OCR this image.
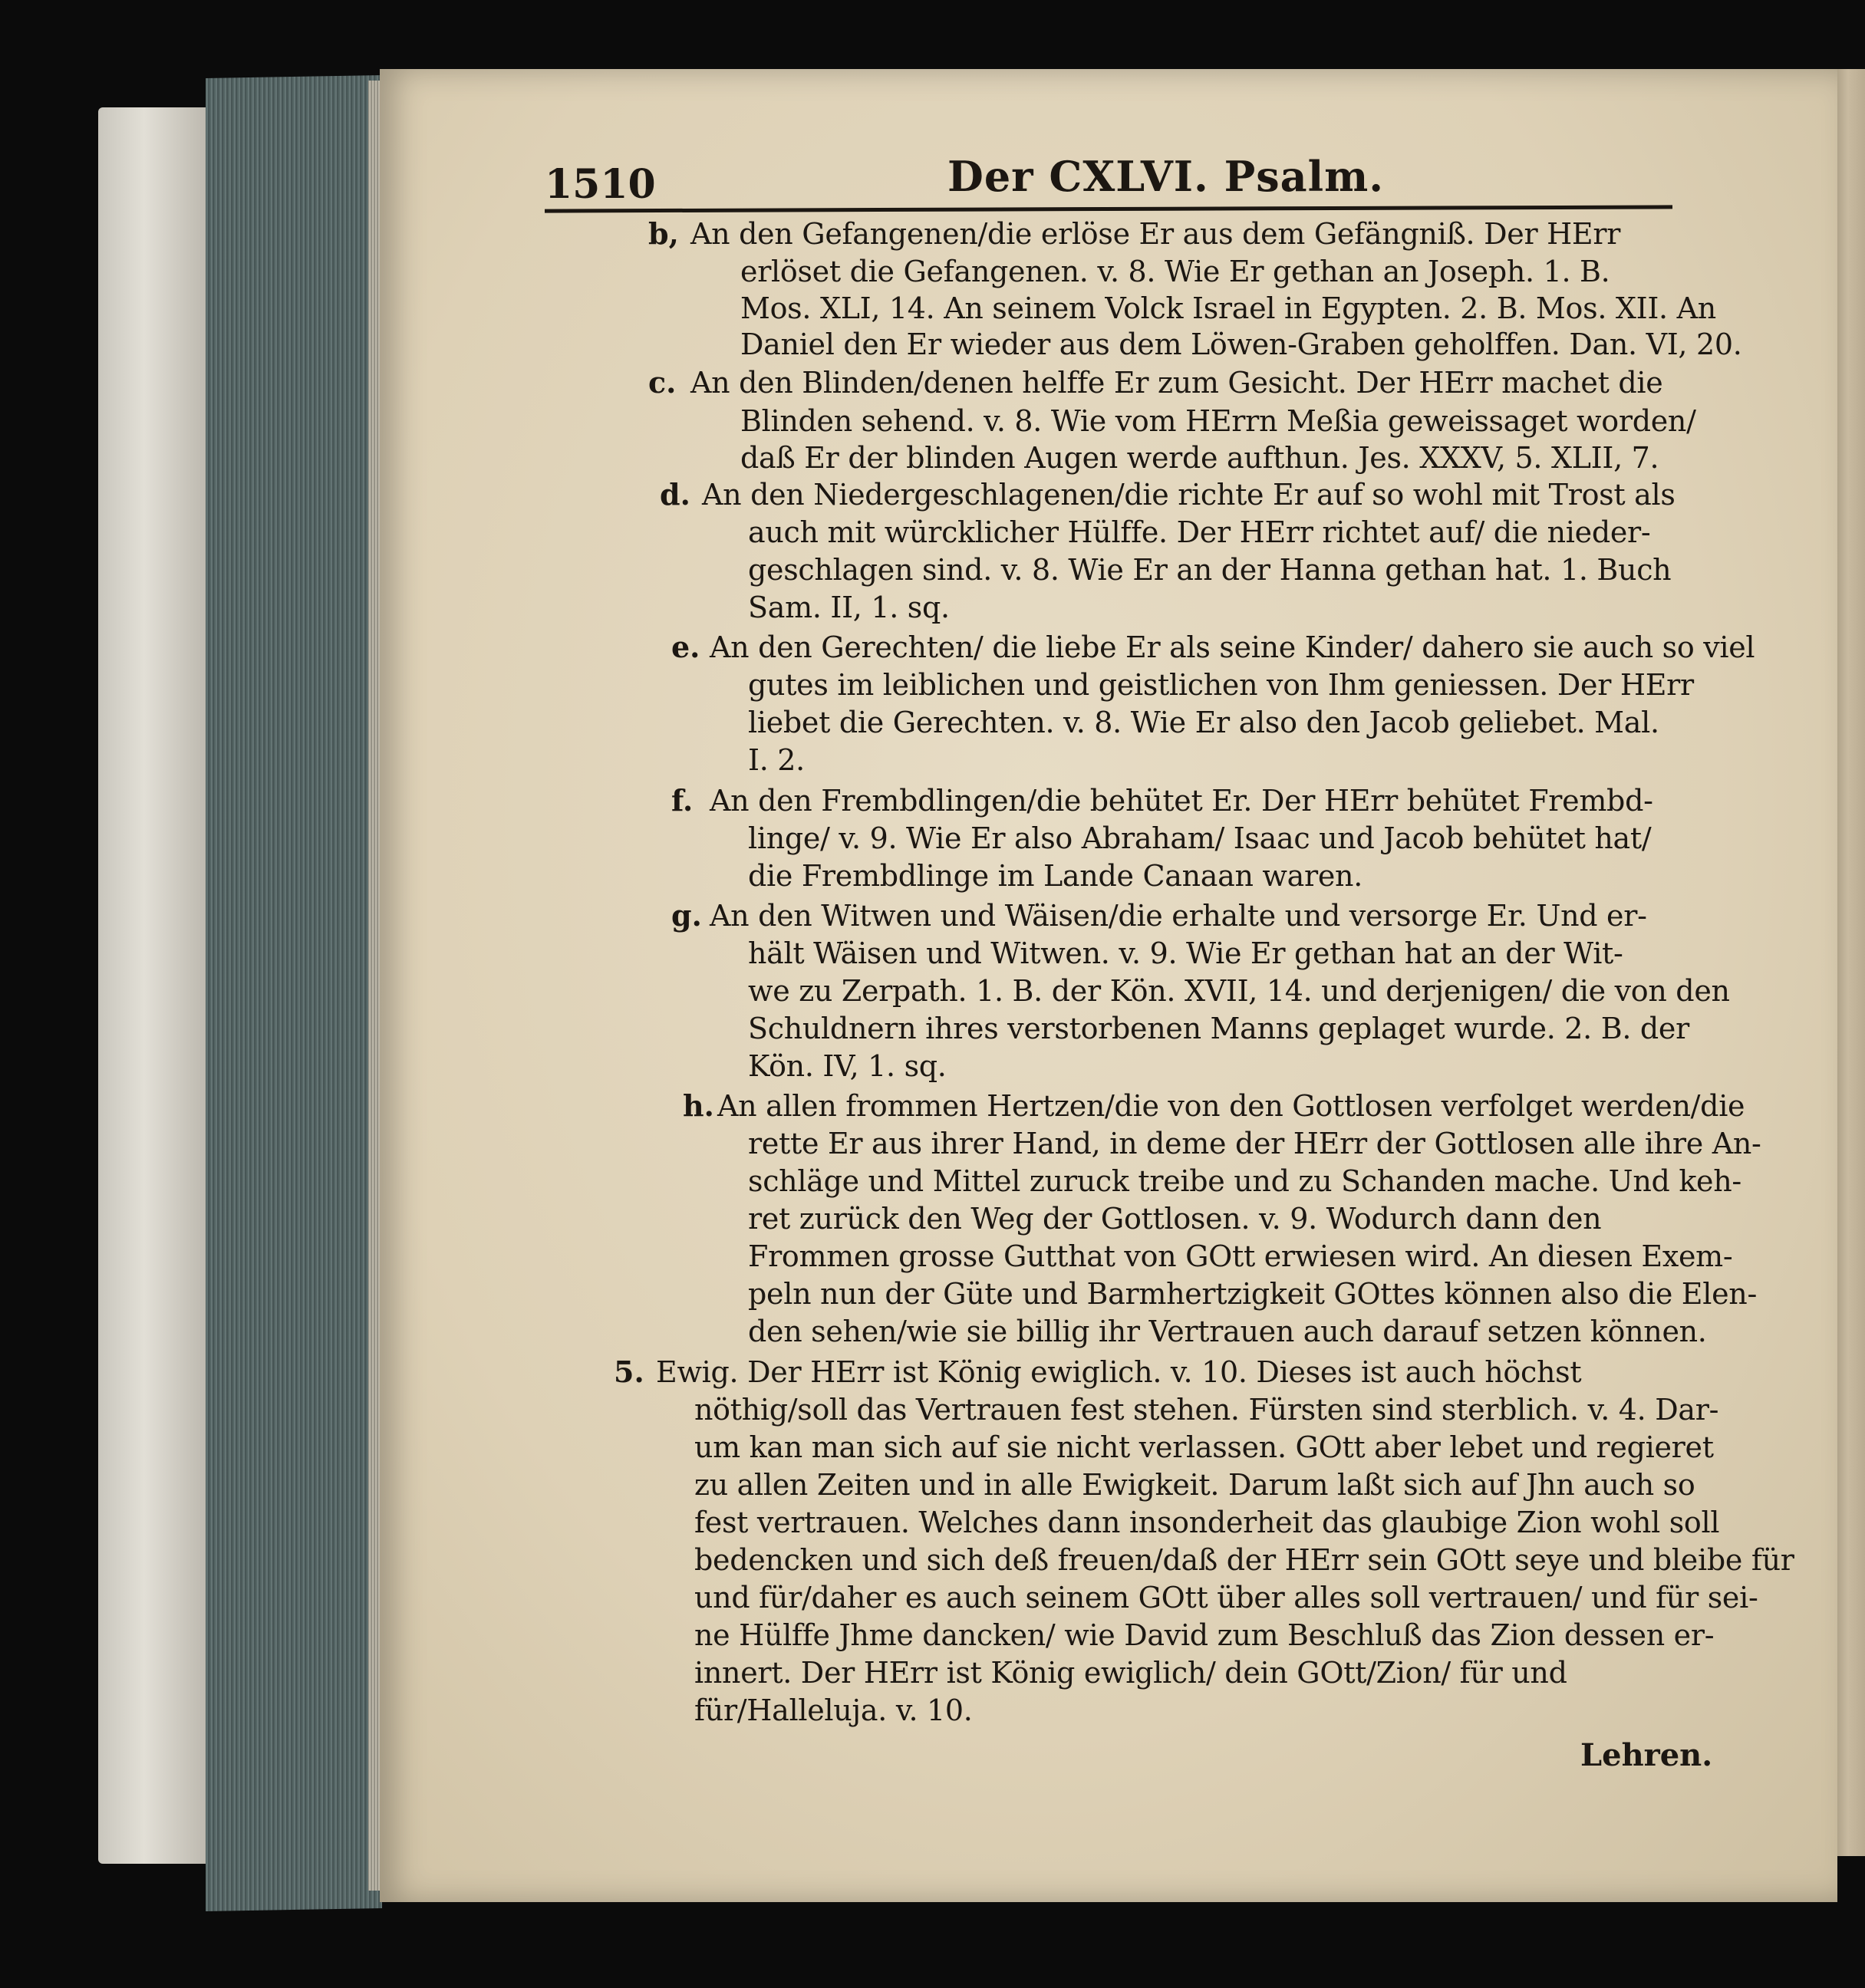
1510	Der CXLVI. Psalm.
b, An den Gefangenen/die erlöse Er aus dem Gefängniß. Der HErr
erlöset die Gefangenen. v. 8. Wie Er gethan an Joseph. 1. B.
Mos. XLI, 14. An seinem Volck Israel in Egypten. 2. B. Mos. XII. An
Daniel den Er wieder aus dem Löwen-Graben geholffen. Dan. VI, 20.
c. An den Blinden/denen helffe Er zum Gesicht. Der HErr machet die
Blinden sehend. v. 8. Wie vom HErrn Meßia geweissaget worden/
daß Er der blinden Augen werde aufthun. Jes. XXXV, 5. XLII, 7.
d. An den Niedergeschlagenen/die richte Er auf so wohl mit Trost als
auch mit würcklicher Hülffe. Der HErr richtet auf/ die nieder-
geschlagen sind. v. 8. Wie Er an der Hanna gethan hat. 1. Buch
Sam. II, 1. sq.
e. An den Gerechten/ die liebe Er als seine Kinder/ dahero sie auch so viel
gutes im leiblichen und geistlichen von Ihm geniessen. Der HErr
liebet die Gerechten. v. 8. Wie Er also den Jacob geliebet. Mal.
I. 2.
f. An den Frembdlingen/die behütet Er. Der HErr behütet Frembd-
linge/ v. 9. Wie Er also Abraham/ Isaac und Jacob behütet hat/
die Frembdlinge im Lande Canaan waren.
g. An den Witwen und Wäisen/die erhalte und versorge Er. Und er-
hält Wäisen und Witwen. v. 9. Wie Er gethan hat an der Wit-
we zu Zerpath. 1. B. der Kön. XVII, 14. und derjenigen/ die von den
Schuldnern ihres verstorbenen Manns geplaget wurde. 2. B. der
Kön. IV, 1. sq.
h. An allen frommen Hertzen/die von den Gottlosen verfolget werden/die
rette Er aus ihrer Hand, in deme der HErr der Gottlosen alle ihre An-
schläge und Mittel zuruck treibe und zu Schanden mache. Und keh-
ret zurück den Weg der Gottlosen. v. 9. Wodurch dann den
Frommen grosse Gutthat von GOtt erwiesen wird. An diesen Exem-
peln nun der Güte und Barmhertzigkeit GOttes können also die Elen-
den sehen/wie sie billig ihr Vertrauen auch darauf setzen können.
5. Ewig. Der HErr ist König ewiglich. v. 10. Dieses ist auch höchst
nöthig/soll das Vertrauen fest stehen. Fürsten sind sterblich. v. 4. Dar-
um kan man sich auf sie nicht verlassen. GOtt aber lebet und regieret
zu allen Zeiten und in alle Ewigkeit. Darum laßt sich auf Jhn auch so
fest vertrauen. Welches dann insonderheit das glaubige Zion wohl soll
bedencken und sich deß freuen/daß der HErr sein GOtt seye und bleibe für
und für/daher es auch seinem GOtt über alles soll vertrauen/ und für sei-
ne Hülffe Jhme dancken/ wie David zum Beschluß das Zion dessen er-
innert. Der HErr ist König ewiglich/ dein GOtt/Zion/ für und
für/Halleluja. v. 10.
Lehren.
